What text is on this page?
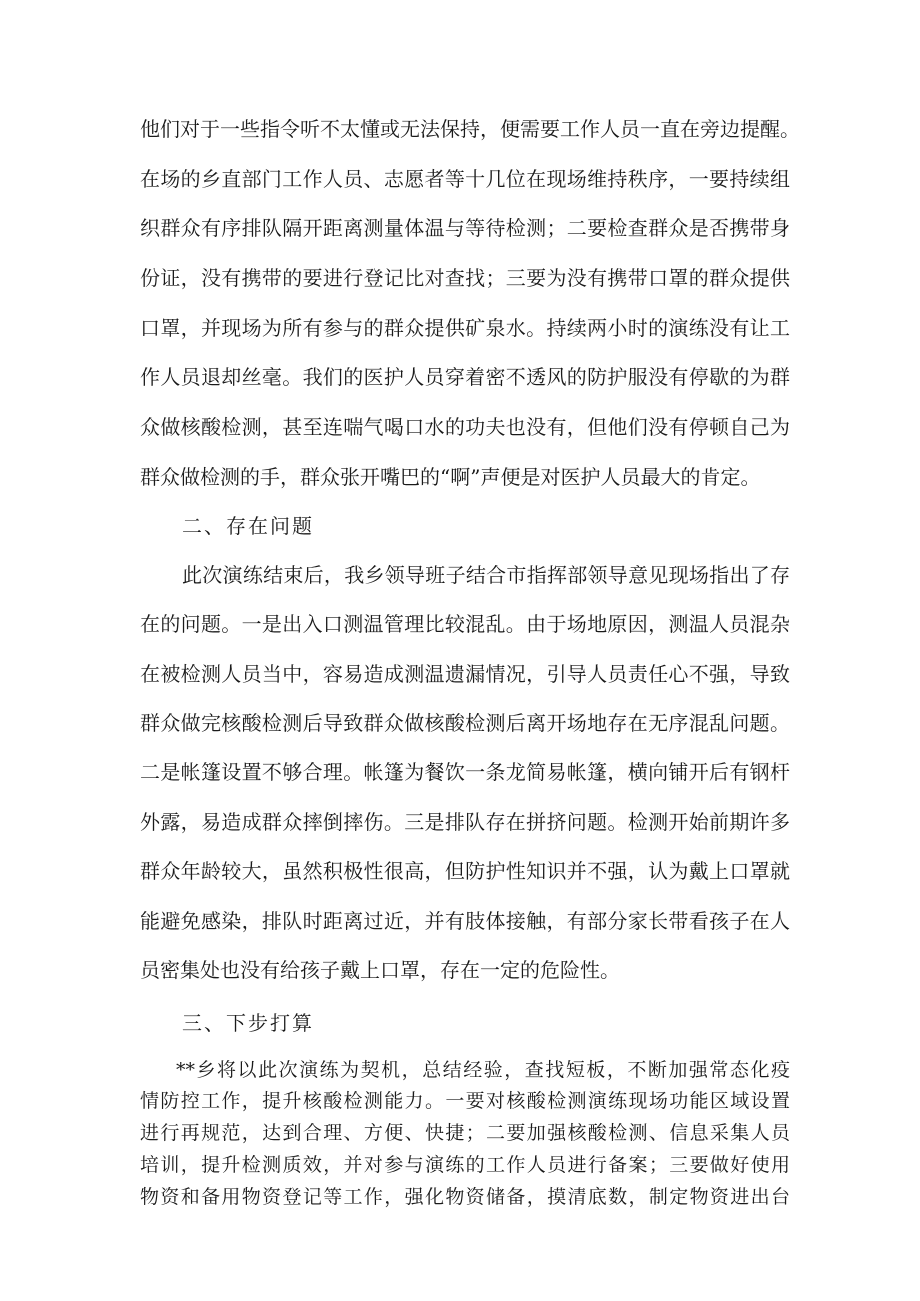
他们对于一些指令听不太懂或无法保持，便需要工作人员一直在旁边提醒。
在场的乡直部门工作人员、志愿者等十几位在现场维持秩序，一要持续组
织群众有序排队隔开距离测量体温与等待检测；二要检查群众是否携带身
份证，没有携带的要进行登记比对查找；三要为没有携带口罩的群众提供
口罩，并现场为所有参与的群众提供矿泉水。持续两小时的演练没有让工
作人员退却丝毫。我们的医护人员穿着密不透风的防护服没有停歇的为群
众做核酸检测，甚至连喘气喝口水的功夫也没有，但他们没有停顿自己为
群众做检测的手，群众张开嘴巴的“啊”声便是对医护人员最大的肯定。
二、存在问题
此次演练结束后，我乡领导班子结合市指挥部领导意见现场指出了存
在的问题。一是出入口测温管理比较混乱。由于场地原因，测温人员混杂
在被检测人员当中，容易造成测温遗漏情况，引导人员责任心不强，导致
群众做完核酸检测后导致群众做核酸检测后离开场地存在无序混乱问题。
二是帐篷设置不够合理。帐篷为餐饮一条龙简易帐篷，横向铺开后有钢杆
外露，易造成群众摔倒摔伤。三是排队存在拼挤问题。检测开始前期许多
群众年龄较大，虽然积极性很高，但防护性知识并不强，认为戴上口罩就
能避免感染，排队时距离过近，并有肢体接触，有部分家长带看孩子在人
员密集处也没有给孩子戴上口罩，存在一定的危险性。
三、下步打算
**乡将以此次演练为契机，总结经验，查找短板，不断加强常态化疫
情防控工作，提升核酸检测能力。一要对核酸检测演练现场功能区域设置
进行再规范，达到合理、方便、快捷；二要加强核酸检测、信息采集人员
培训，提升检测质效，并对参与演练的工作人员进行备案；三要做好使用
物资和备用物资登记等工作，强化物资储备，摸清底数，制定物资进出台
